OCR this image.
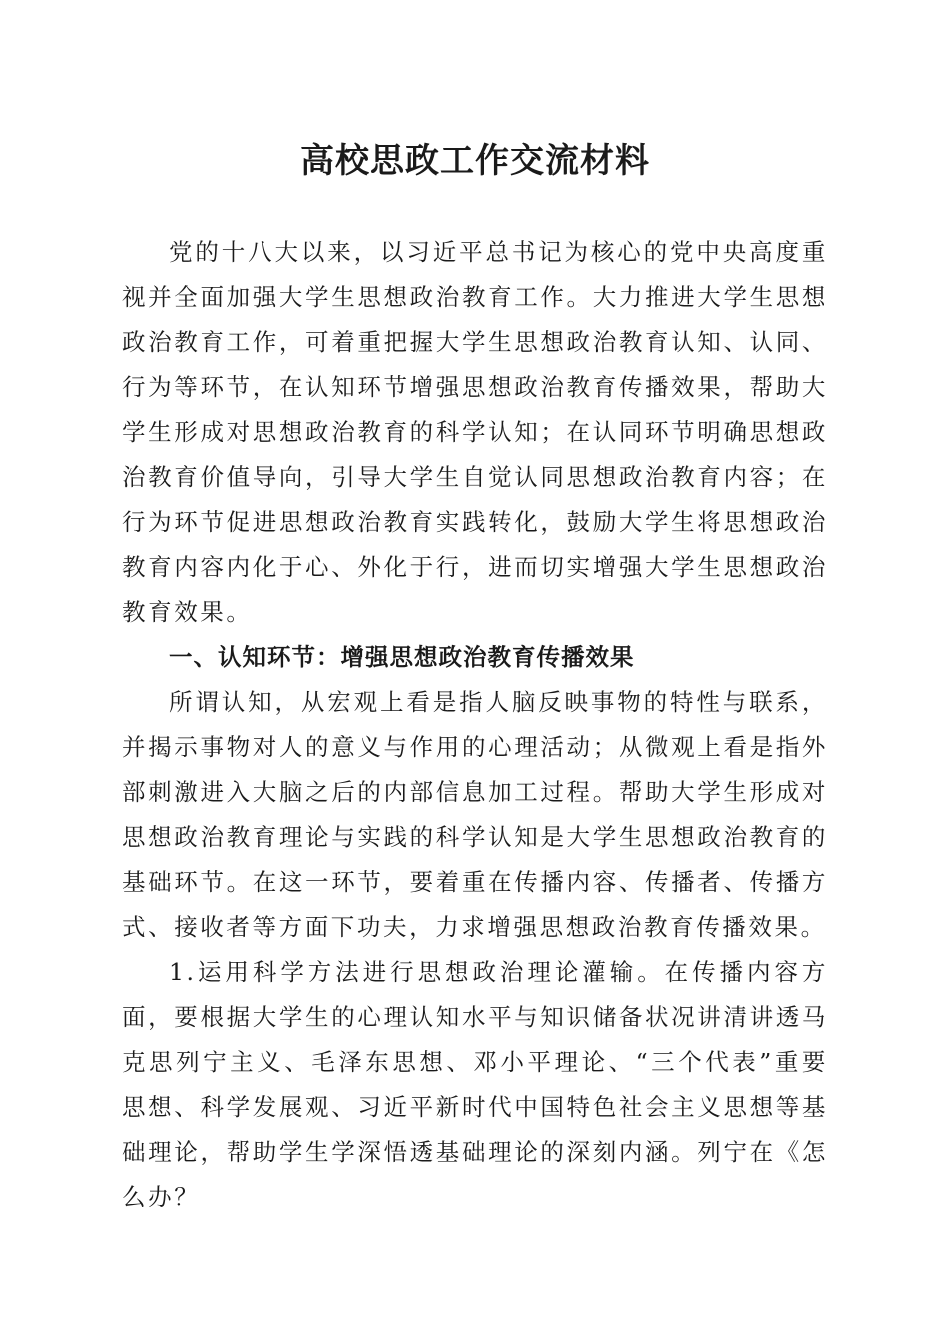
高校思政工作交流材料

党的十八大以来，以习近平总书记为核心的党中央高度重视并全面加强大学生思想政治教育工作。大力推进大学生思想政治教育工作，可着重把握大学生思想政治教育认知、认同、行为等环节，在认知环节增强思想政治教育传播效果，帮助大学生形成对思想政治教育的科学认知；在认同环节明确思想政治教育价值导向，引导大学生自觉认同思想政治教育内容；在行为环节促进思想政治教育实践转化，鼓励大学生将思想政治教育内容内化于心、外化于行，进而切实增强大学生思想政治教育效果。

一、认知环节：增强思想政治教育传播效果

所谓认知，从宏观上看是指人脑反映事物的特性与联系，并揭示事物对人的意义与作用的心理活动；从微观上看是指外部刺激进入大脑之后的内部信息加工过程。帮助大学生形成对思想政治教育理论与实践的科学认知是大学生思想政治教育的基础环节。在这一环节，要着重在传播内容、传播者、传播方式、接收者等方面下功夫，力求增强思想政治教育传播效果。

1.运用科学方法进行思想政治理论灌输。在传播内容方面，要根据大学生的心理认知水平与知识储备状况讲清讲透马克思列宁主义、毛泽东思想、邓小平理论、“三个代表”重要思想、科学发展观、习近平新时代中国特色社会主义思想等基础理论，帮助学生学深悟透基础理论的深刻内涵。列宁在《怎么办？
